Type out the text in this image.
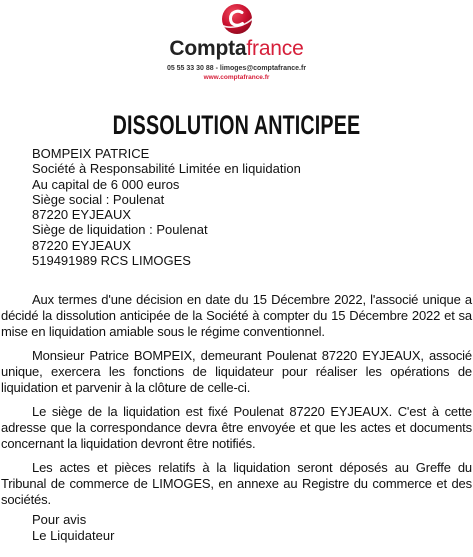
Comptafrance
05 55 33 30 88 - limoges@comptafrance.fr
www.comptafrance.fr
DISSOLUTION ANTICIPEE
BOMPEIX PATRICE
Société à Responsabilité Limitée en liquidation
Au capital de 6 000 euros
Siège social : Poulenat
87220 EYJEAUX
Siège de liquidation : Poulenat
87220 EYJEAUX
519491989 RCS LIMOGES

Aux termes d'une décision en date du 15 Décembre 2022, l'associé unique a décidé la dissolution anticipée de la Société à compter du 15 Décembre 2022 et sa mise en liquidation amiable sous le régime conventionnel.

Monsieur Patrice BOMPEIX, demeurant Poulenat 87220 EYJEAUX, associé unique, exercera les fonctions de liquidateur pour réaliser les opérations de liquidation et parvenir à la clôture de celle-ci.

Le siège de la liquidation est fixé Poulenat 87220 EYJEAUX. C'est à cette adresse que la correspondance devra être envoyée et que les actes et documents concernant la liquidation devront être notifiés.

Les actes et pièces relatifs à la liquidation seront déposés au Greffe du Tribunal de commerce de LIMOGES, en annexe au Registre du commerce et des sociétés.

Pour avis
Le Liquidateur
